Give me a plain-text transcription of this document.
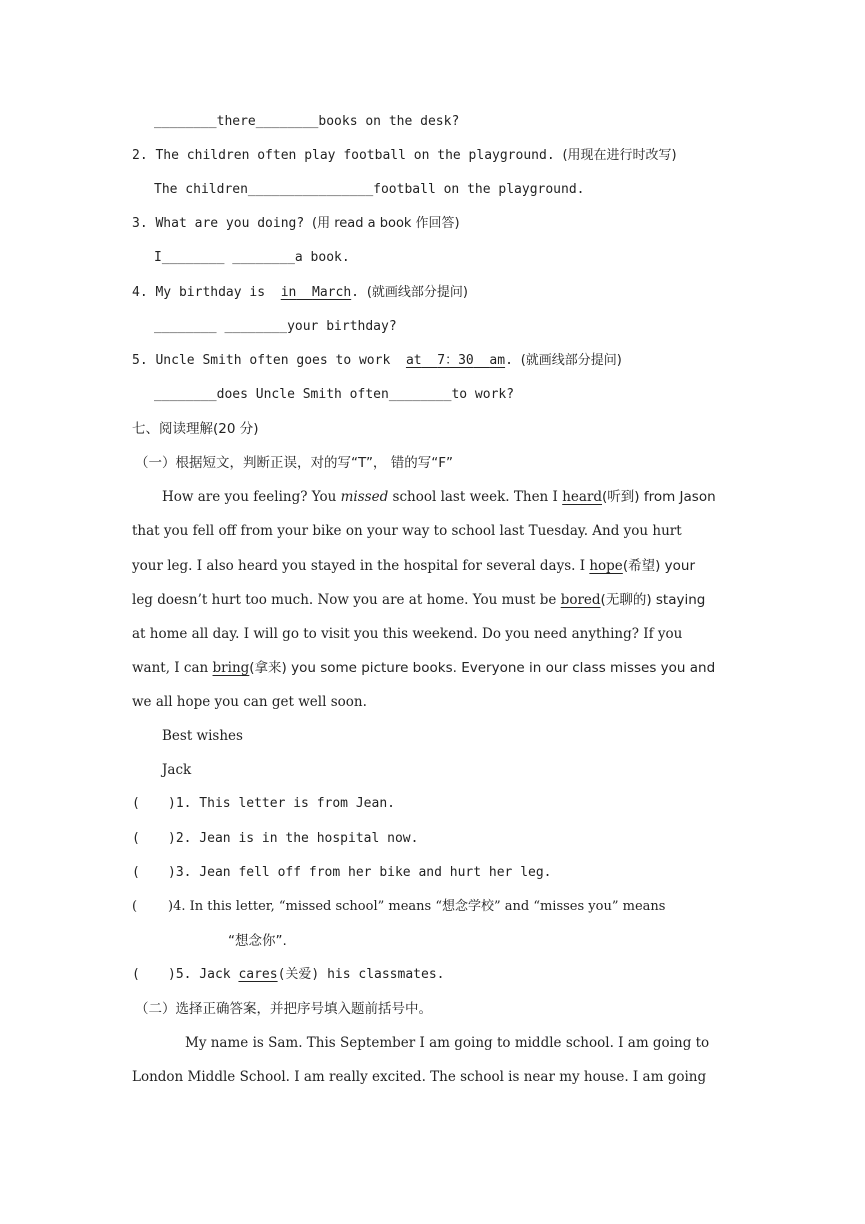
________there________books on the desk?
2. The children often play football on the playground. (用现在进行时改写)
The children________________football on the playground.
3. What are you doing? (用 read a book 作回答)
I________ ________a book.
4. My birthday is in March. (就画线部分提问)
________ ________your birthday?
5. Uncle Smith often goes to work at 7：30 am. (就画线部分提问)
________does Uncle Smith often________to work?
七、阅读理解(20 分)
（一）根据短文，判断正误，对的写“T”， 错的写“F”
How are you feeling? You missed school last week. Then I heard(听到) from Jason
that you fell off from your bike on your way to school last Tuesday. And you hurt
your leg. I also heard you stayed in the hospital for several days. I hope(希望) your
leg doesn’t hurt too much. Now you are at home. You must be bored(无聊的) staying
at home all day. I will go to visit you this weekend. Do you need anything? If you
want, I can bring(拿来) you some picture books. Everyone in our class misses you and
we all hope you can get well soon.
Best wishes
Jack
( )1. This letter is from Jean.
( )2. Jean is in the hospital now.
( )3. Jean fell off from her bike and hurt her leg.
( )4. In this letter, “missed school” means “想念学校” and “misses you” means
“想念你”.
( )5. Jack cares(关爱) his classmates.
（二）选择正确答案，并把序号填入题前括号中。
My name is Sam. This September I am going to middle school. I am going to
London Middle School. I am really excited. The school is near my house. I am going
